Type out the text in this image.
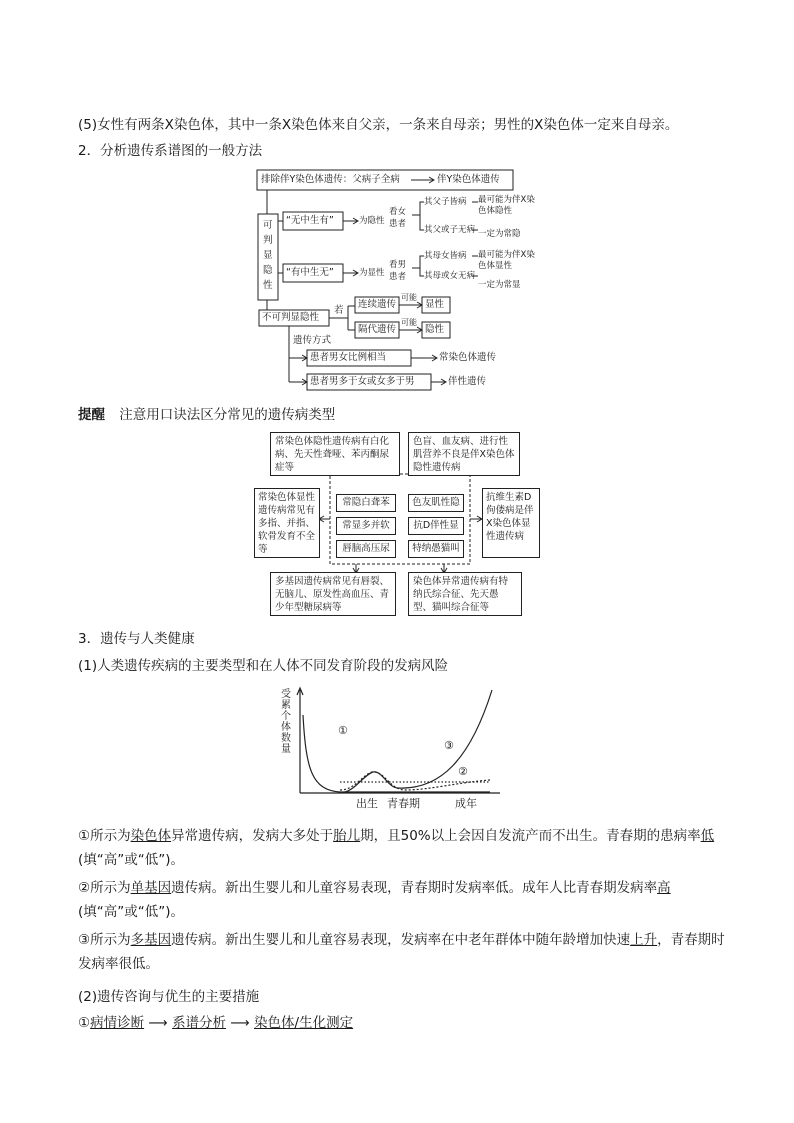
(5)女性有两条X染色体，其中一条X染色体来自父亲，一条来自母亲；男性的X染色体一定来自母亲。
2．分析遗传系谱图的一般方法
排除伴Y染色体遗传：父病子全病	伴Y染色体遗传
可判显隐性
“无中生有”	为隐性
看女患者
其父子皆病 最可能为伴X染色体隐性
其父或子无病 一定为常隐
“有中生无”	为显性
看男患者
其母女皆病 最可能为伴X染色体显性
其母或女无病
一定为常显
不可判显隐性
若
连续遗传
可能
显性
隔代遗传
可能
隐性
遗传方式
患者男女比例相当	常染色体遗传
患者男多于女或女多于男	伴性遗传
提醒 注意用口诀法区分常见的遗传病类型
常染色体隐性遗传病有白化病、先天性聋哑、苯丙酮尿症等
色盲、血友病、进行性肌营养不良是伴X染色体隐性遗传病
常染色体显性遗传病常见有多指、并指、软骨发育不全等
抗维生素D佝偻病是伴X染色体显性遗传病
多基因遗传病常见有唇裂、无脑儿、原发性高血压、青少年型糖尿病等
染色体异常遗传病有特纳氏综合征、先天愚型、猫叫综合征等
常隐白聋苯	色友肌性隐
常显多并软	抗D伴性显
唇脑高压尿	特纳愚猫叫
3．遗传与人类健康
(1)人类遗传疾病的主要类型和在人体不同发育阶段的发病风险
受累个体数量
①
③
②
出生 青春期	成年
①所示为染色体异常遗传病，发病大多处于胎儿期，且50%以上会因自发流产而不出生。青春期的患病率低(填“高”或“低”)。
②所示为单基因遗传病。新出生婴儿和儿童容易表现，青春期时发病率低。成年人比青春期发病率高(填“高”或“低”)。
③所示为多基因遗传病。新出生婴儿和儿童容易表现，发病率在中老年群体中随年龄增加快速上升，青春期时发病率很低。
(2)遗传咨询与优生的主要措施
①病情诊断 ⟶ 系谱分析 ⟶ 染色体/生化测定
